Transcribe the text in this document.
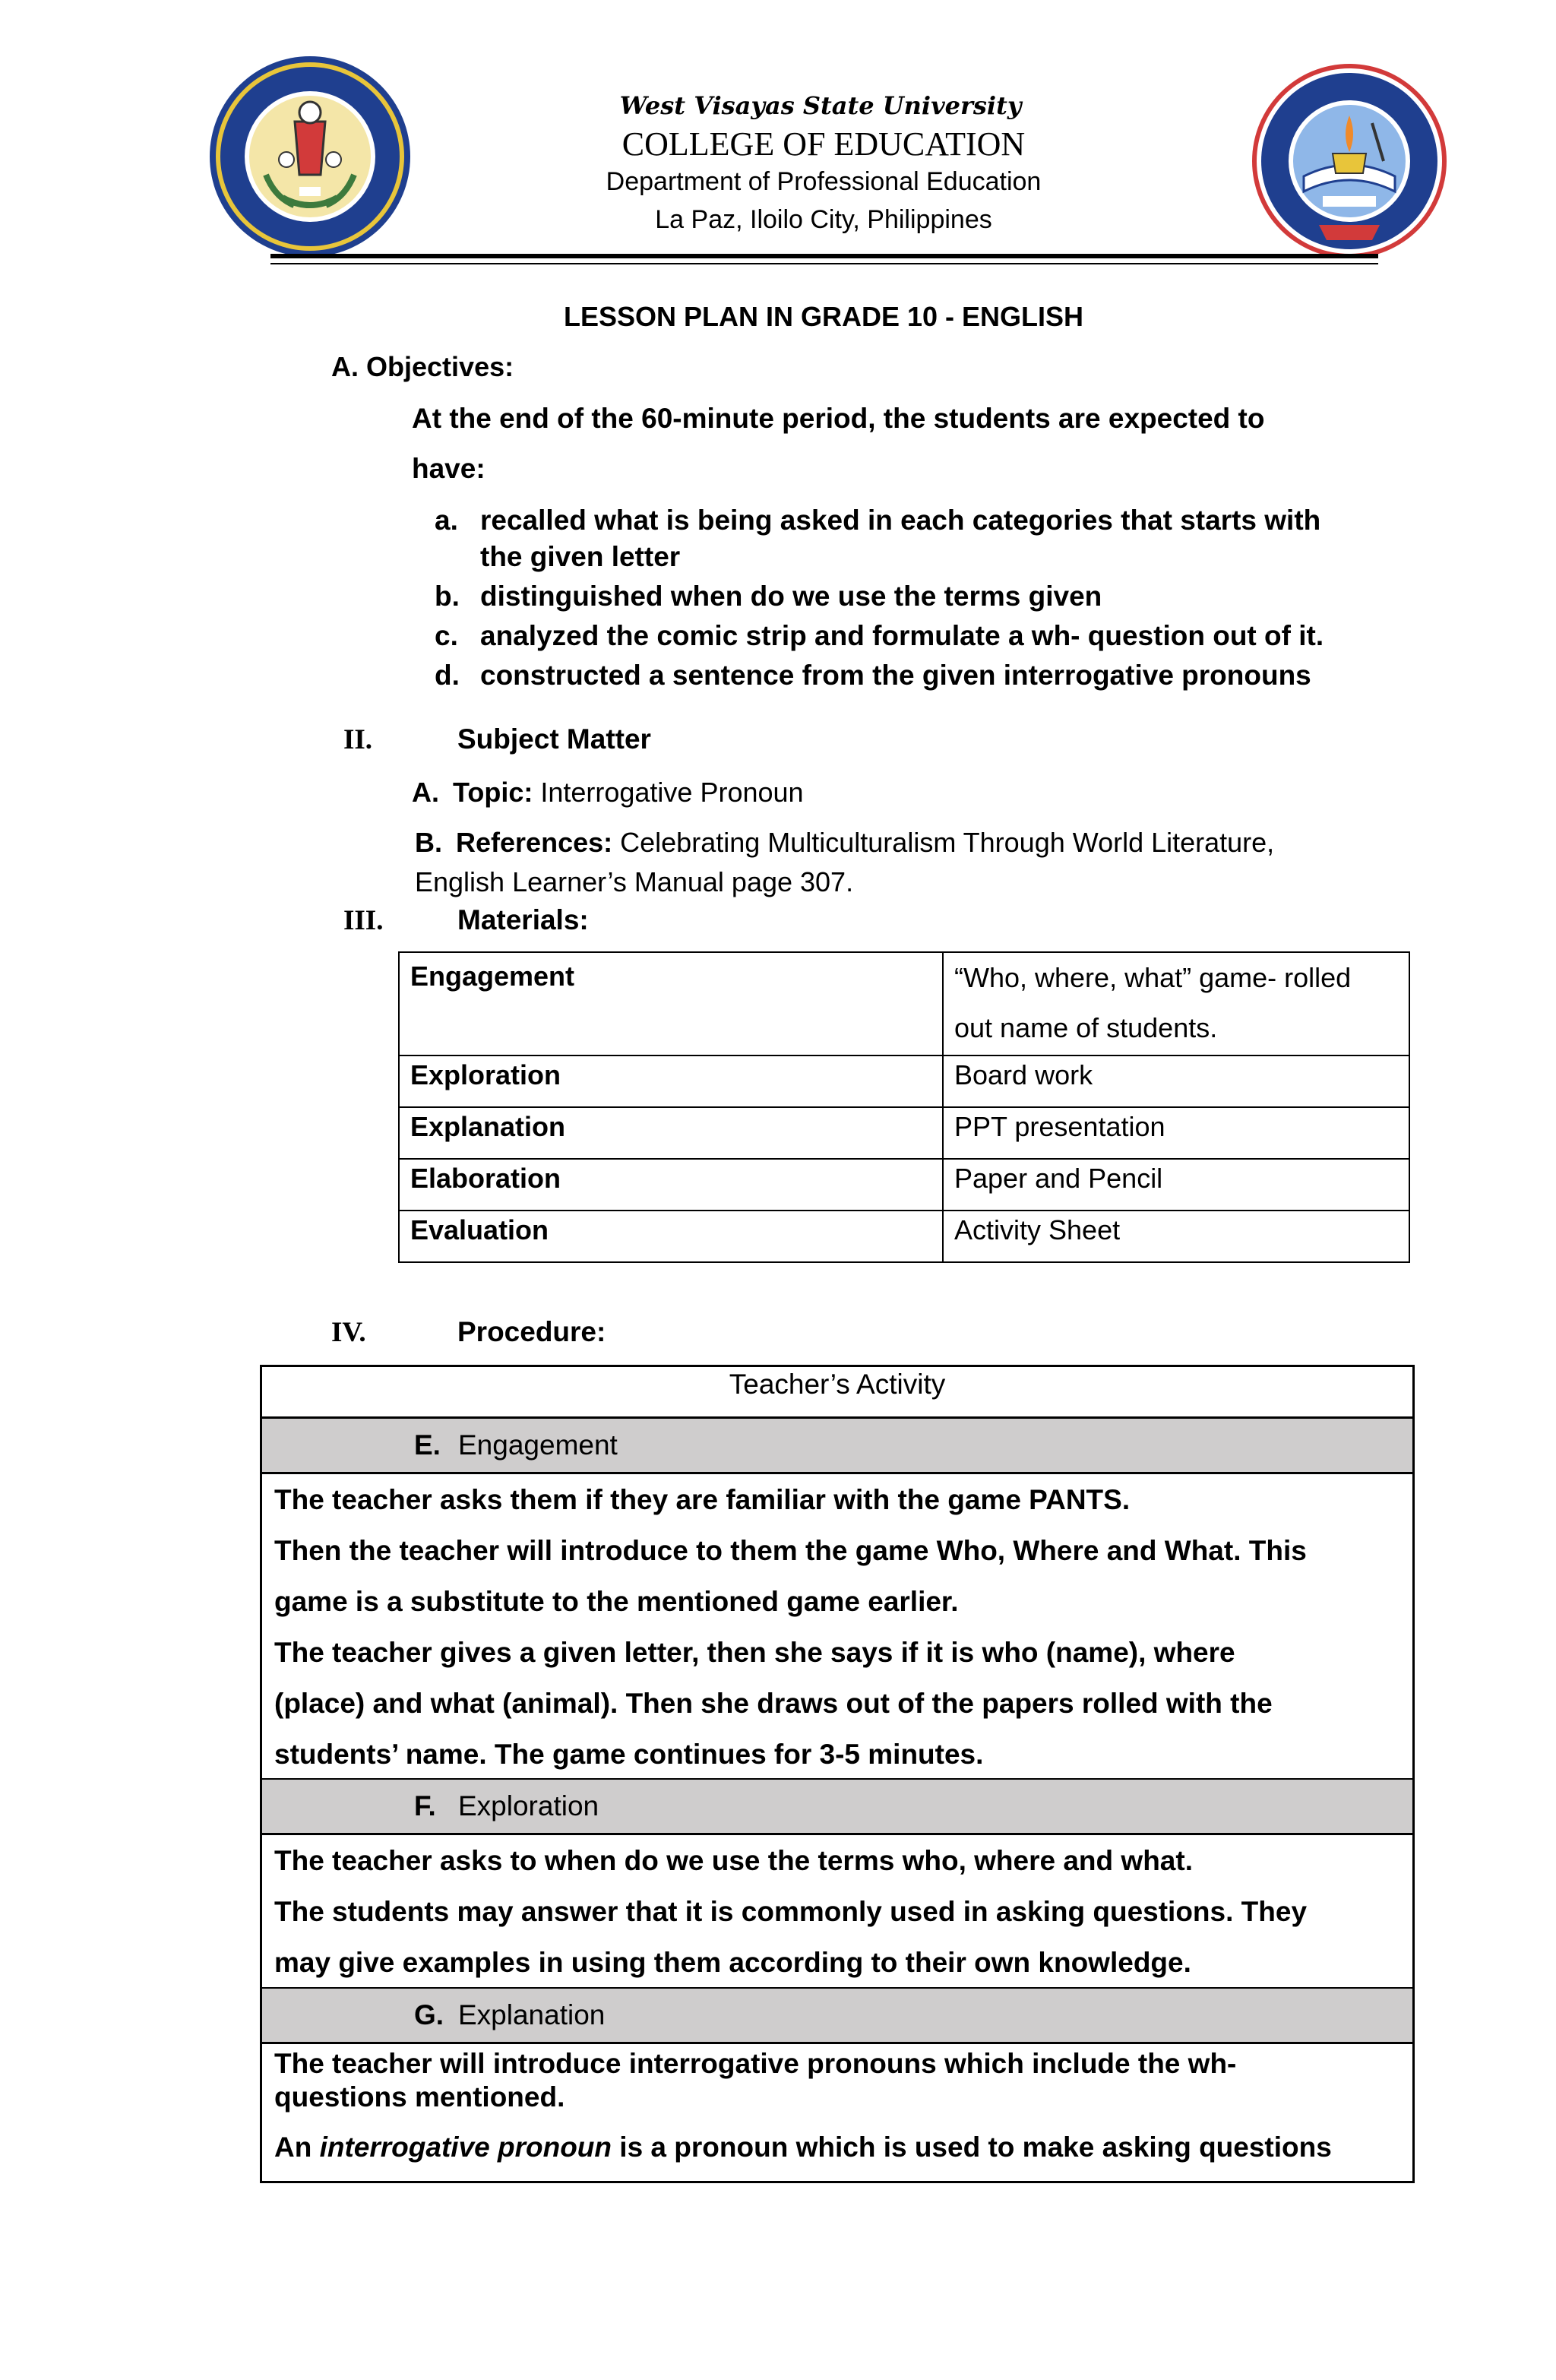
West Visayas State University
COLLEGE OF EDUCATION
Department of Professional Education
La Paz, Iloilo City, Philippines
LESSON PLAN IN GRADE 10 - ENGLISH
A. Objectives:
At the end of the 60-minute period, the students are expected to
have:
a. recalled what is being asked in each categories that starts with
the given letter
b. distinguished when do we use the terms given
c. analyzed the comic strip and formulate a wh- question out of it.
d. constructed a sentence from the given interrogative pronouns
II.	Subject Matter
A. Topic: Interrogative Pronoun
B. References: Celebrating Multiculturalism Through World Literature,
English Learner’s Manual page 307.
III.	Materials:
Engagement	“Who, where, what” game- rolled
out name of students.

Exploration	Board work
Explanation	PPT presentation
Elaboration	Paper and Pencil
Evaluation	Activity Sheet
IV.	Procedure:
Teacher’s Activity
E. Engagement
The teacher asks them if they are familiar with the game PANTS.
Then the teacher will introduce to them the game Who, Where and What. This
game is a substitute to the mentioned game earlier.
The teacher gives a given letter, then she says if it is who (name), where
(place) and what (animal). Then she draws out of the papers rolled with the
students’ name. The game continues for 3-5 minutes.
F. Exploration
The teacher asks to when do we use the terms who, where and what.
The students may answer that it is commonly used in asking questions. They
may give examples in using them according to their own knowledge.
G. Explanation
The teacher will introduce interrogative pronouns which include the wh-
questions mentioned.
An interrogative pronoun is a pronoun which is used to make asking questions
